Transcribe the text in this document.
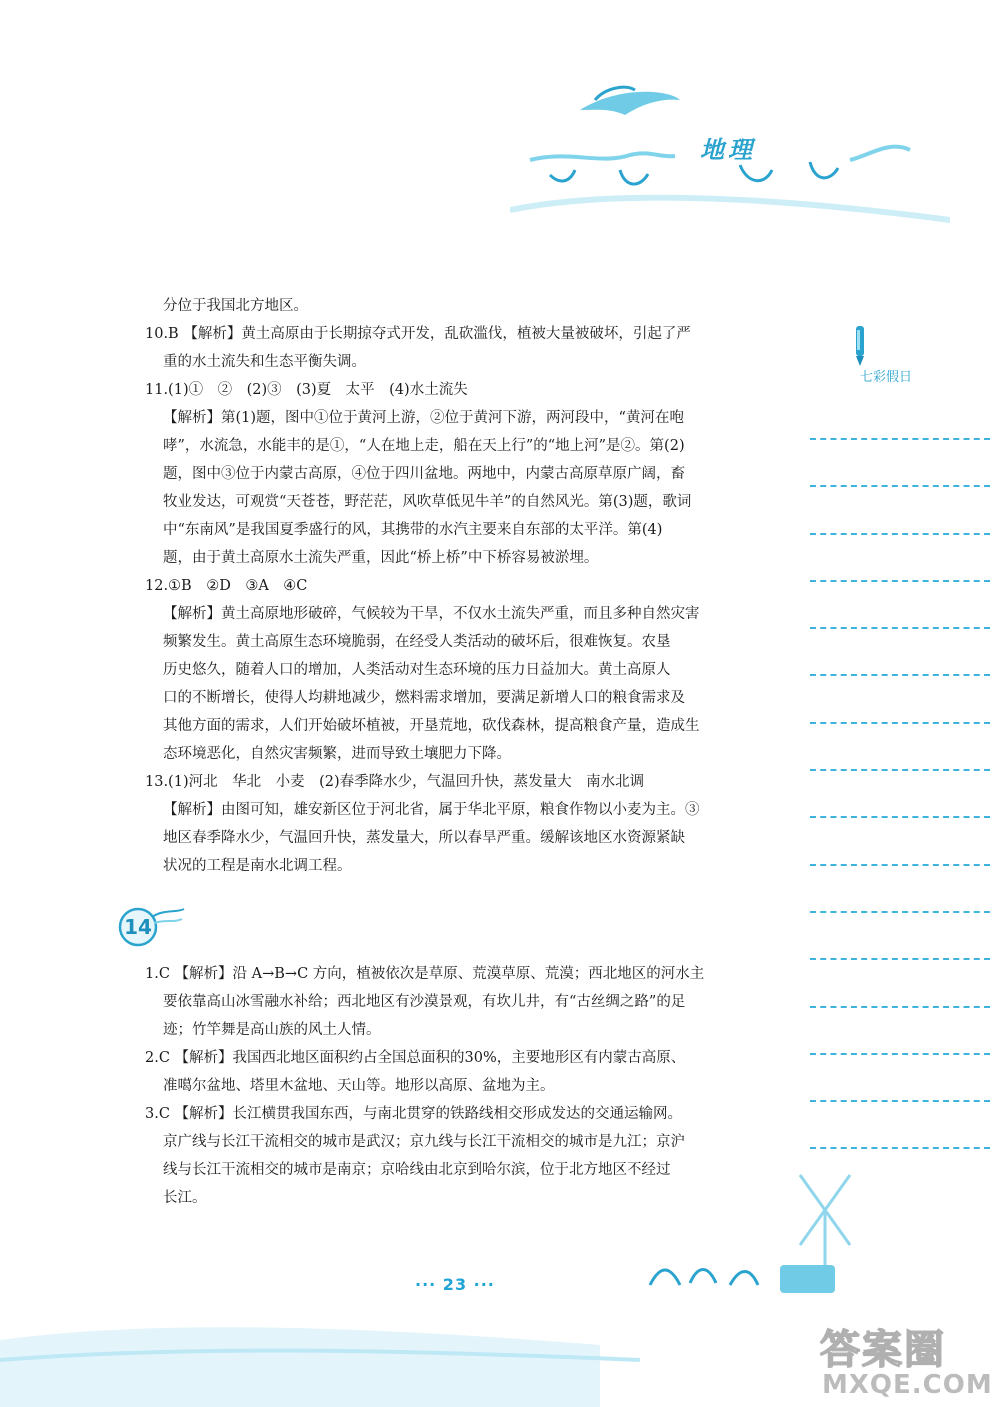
地理
分位于我国北方地区。
10.B 【解析】黄土高原由于长期掠夺式开发，乱砍滥伐，植被大量被破坏，引起了严
重的水土流失和生态平衡失调。
11.(1)①　②　(2)③　(3)夏　太平　(4)水土流失
【解析】第(1)题，图中①位于黄河上游，②位于黄河下游，两河段中，“黄河在咆
哮”，水流急，水能丰的是①，“人在地上走，船在天上行”的“地上河”是②。第(2)
题，图中③位于内蒙古高原，④位于四川盆地。两地中，内蒙古高原草原广阔，畜
牧业发达，可观赏“天苍苍，野茫茫，风吹草低见牛羊”的自然风光。第(3)题，歌词
中“东南风”是我国夏季盛行的风，其携带的水汽主要来自东部的太平洋。第(4)
题，由于黄土高原水土流失严重，因此“桥上桥”中下桥容易被淤埋。
12.①B　②D　③A　④C
【解析】黄土高原地形破碎，气候较为干旱，不仅水土流失严重，而且多种自然灾害
频繁发生。黄土高原生态环境脆弱，在经受人类活动的破坏后，很难恢复。农垦
历史悠久，随着人口的增加，人类活动对生态环境的压力日益加大。黄土高原人
口的不断增长，使得人均耕地减少，燃料需求增加，要满足新增人口的粮食需求及
其他方面的需求，人们开始破坏植被，开垦荒地，砍伐森林，提高粮食产量，造成生
态环境恶化，自然灾害频繁，进而导致土壤肥力下降。
13.(1)河北　华北　小麦　(2)春季降水少，气温回升快，蒸发量大　南水北调
【解析】由图可知，雄安新区位于河北省，属于华北平原，粮食作物以小麦为主。③
地区春季降水少，气温回升快，蒸发量大，所以春旱严重。缓解该地区水资源紧缺
状况的工程是南水北调工程。
14
1.C 【解析】沿 A→B→C 方向，植被依次是草原、荒漠草原、荒漠；西北地区的河水主
要依靠高山冰雪融水补给；西北地区有沙漠景观，有坎儿井，有“古丝绸之路”的足
迹；竹竿舞是高山族的风土人情。
2.C 【解析】我国西北地区面积约占全国总面积的30%，主要地形区有内蒙古高原、
准噶尔盆地、塔里木盆地、天山等。地形以高原、盆地为主。
3.C 【解析】长江横贯我国东西，与南北贯穿的铁路线相交形成发达的交通运输网。
京广线与长江干流相交的城市是武汉；京九线与长江干流相交的城市是九江；京沪
线与长江干流相交的城市是南京；京哈线由北京到哈尔滨，位于北方地区不经过
长江。
七彩假日
··· 23 ···
答案圈
MXQE.COM
